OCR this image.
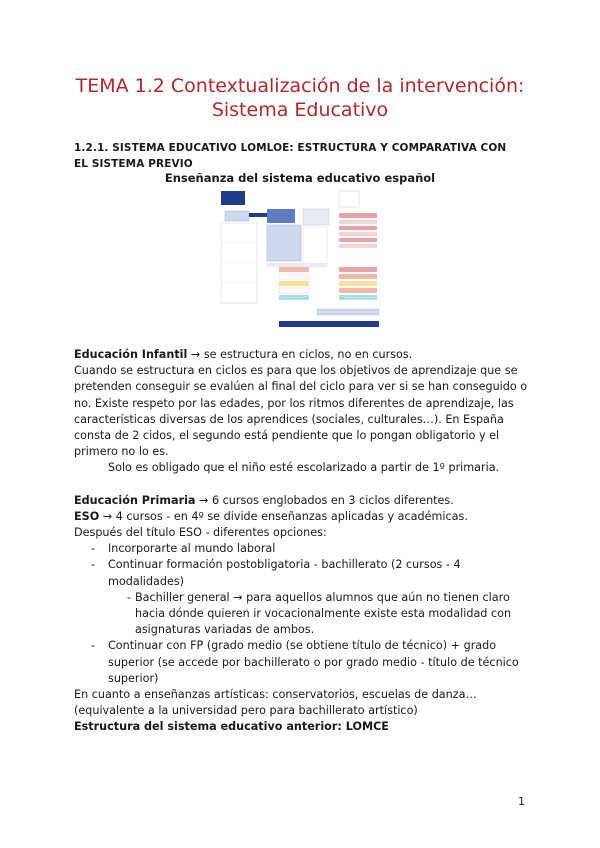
TEMA 1.2 Contextualización de la intervención:
Sistema Educativo
1.2.1. SISTEMA EDUCATIVO LOMLOE: ESTRUCTURA Y COMPARATIVA CON EL SISTEMA PREVIO
Enseñanza del sistema educativo español

Educación Infantil → se estructura en ciclos, no en cursos.

Cuando se estructura en ciclos es para que los objetivos de aprendizaje que se pretenden conseguir se evalúen al final del ciclo para ver si se han conseguido o no. Existe respeto por las edades, por los ritmos diferentes de aprendizaje, las características diversas de los aprendices (sociales, culturales…). En España consta de 2 cidos, el segundo está pendiente que lo pongan obligatorio y el primero no lo es.

Solo es obligado que el niño esté escolarizado a partir de 1º primaria.

Educación Primaria → 6 cursos englobados en 3 ciclos diferentes.

ESO → 4 cursos - en 4º se divide enseñanzas aplicadas y académicas.

Después del título ESO - diferentes opciones:

- Incorporarte al mundo laboral
- Continuar formación postobligatoria - bachillerato (2 cursos - 4 modalidades)
- Bachiller general → para aquellos alumnos que aún no tienen claro hacia dónde quieren ir vocacionalmente existe esta modalidad con asignaturas variadas de ambos.
- Continuar con FP (grado medio (se obtiene título de técnico) + grado superior (se accede por bachillerato o por grado medio - título de técnico superior)

En cuanto a enseñanzas artísticas: conservatorios, escuelas de danza… (equivalente a la universidad pero para bachillerato artístico)

Estructura del sistema educativo anterior: LOMCE

1
